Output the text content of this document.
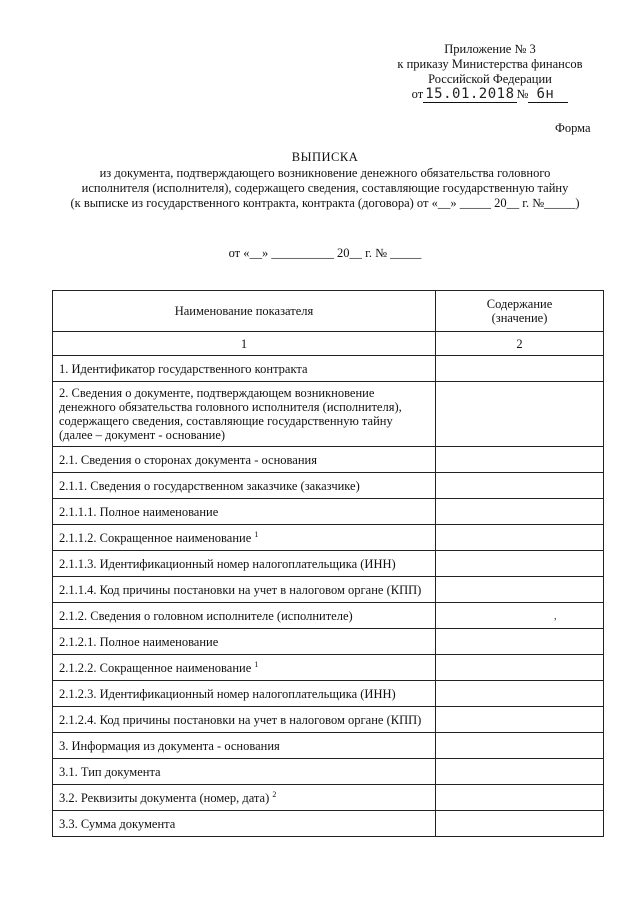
Приложение № 3
к приказу Министерства финансов
Российской Федерации
от 15.01.2018 № 6н
Форма
ВЫПИСКА
из документа, подтверждающего возникновение денежного обязательства головного
исполнителя (исполнителя), содержащего сведения, составляющие государственную тайну
(к выписке из государственного контракта, контракта (договора) от «__» _____ 20__ г. №_____)
от «__» __________ 20__ г. № _____
Наименование показателя	Содержание
(значение)

1	2
1. Идентификатор государственного контракта	
2. Сведения о документе, подтверждающем возникновение денежного обязательства головного исполнителя (исполнителя), содержащего сведения, составляющие государственную тайну (далее – документ - основание)	
2.1. Сведения о сторонах документа - основания	
2.1.1. Сведения о государственном заказчике (заказчике)	
2.1.1.1. Полное наименование	
2.1.1.2. Сокращенное наименование $^1$	
2.1.1.3. Идентификационный номер налогоплательщика (ИНН)	
2.1.1.4. Код причины постановки на учет в налоговом органе (КПП)	
2.1.2. Сведения о головном исполнителе (исполнителе)	,
2.1.2.1. Полное наименование	
2.1.2.2. Сокращенное наименование $^1$	
2.1.2.3. Идентификационный номер налогоплательщика (ИНН)	
2.1.2.4. Код причины постановки на учет в налоговом органе (КПП)	
3. Информация из документа - основания	
3.1. Тип документа	
3.2. Реквизиты документа (номер, дата) $^2$	
3.3. Сумма документа	
